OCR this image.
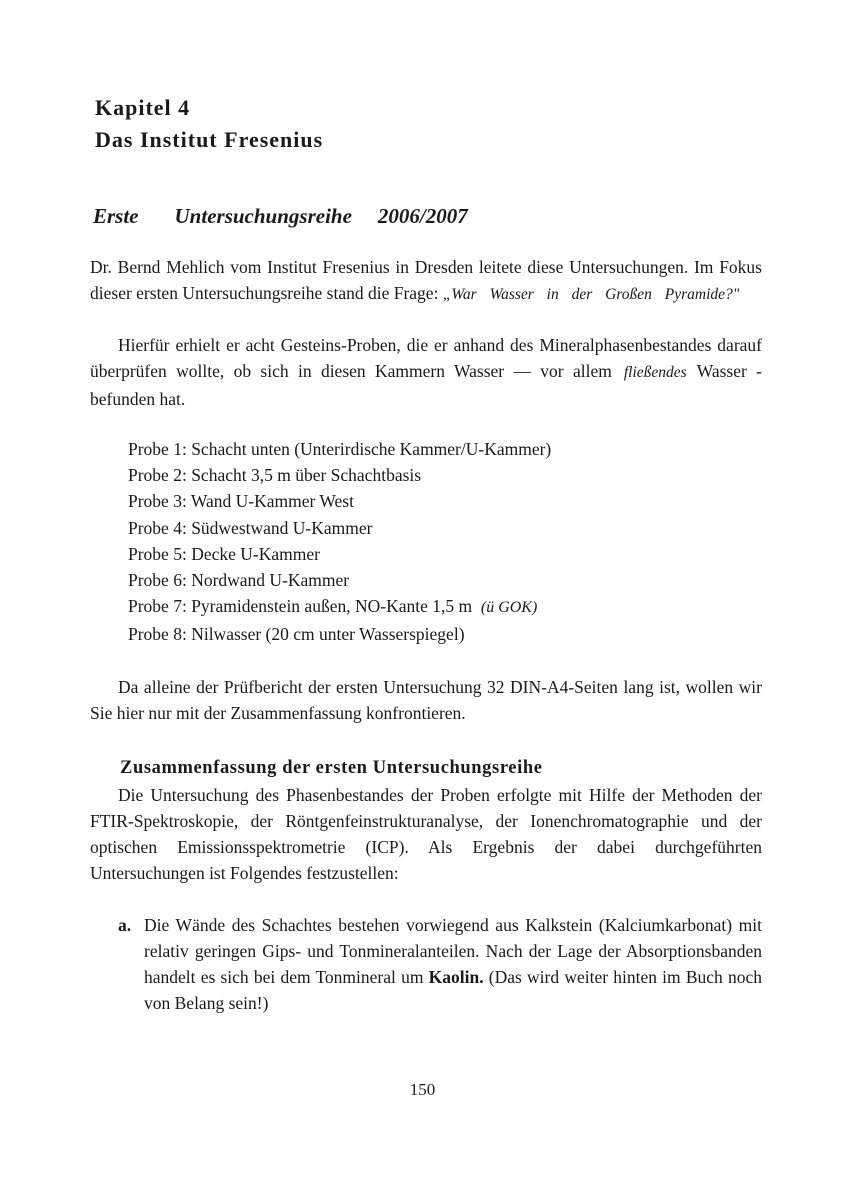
Kapitel 4
Das Institut Fresenius
Erste Untersuchungsreihe 2006/2007

Dr. Bernd Mehlich vom Institut Fresenius in Dresden leitete diese Untersuchungen. Im Fokus dieser ersten Untersuchungsreihe stand die Frage: „War Wasser in der Großen Pyramide?"

Hierfür erhielt er acht Gesteins-Proben, die er anhand des Mineralphasenbestandes darauf überprüfen wollte, ob sich in diesen Kammern Wasser — vor allem fließendes Wasser - befunden hat.

Probe 1: Schacht unten (Unterirdische Kammer/U-Kammer)
Probe 2: Schacht 3,5 m über Schachtbasis
Probe 3: Wand U-Kammer West
Probe 4: Südwestwand U-Kammer
Probe 5: Decke U-Kammer
Probe 6: Nordwand U-Kammer
Probe 7: Pyramidenstein außen, NO-Kante 1,5 m (ü GOK)
Probe 8: Nilwasser (20 cm unter Wasserspiegel)

Da alleine der Prüfbericht der ersten Untersuchung 32 DIN-A4-Seiten lang ist, wollen wir Sie hier nur mit der Zusammenfassung konfrontieren.

Zusammenfassung der ersten Untersuchungsreihe

Die Untersuchung des Phasenbestandes der Proben erfolgte mit Hilfe der Methoden der FTIR-Spektroskopie, der Röntgenfeinstrukturanalyse, der Ionenchromatographie und der optischen Emissionsspektrometrie (ICP). Als Ergebnis der dabei durchgeführten Untersuchungen ist Folgendes festzustellen:

a. Die Wände des Schachtes bestehen vorwiegend aus Kalkstein (Kalciumkarbonat) mit relativ geringen Gips- und Tonmineralanteilen. Nach der Lage der Absorptionsbanden handelt es sich bei dem Tonmineral um Kaolin. (Das wird weiter hinten im Buch noch von Belang sein!)

150
